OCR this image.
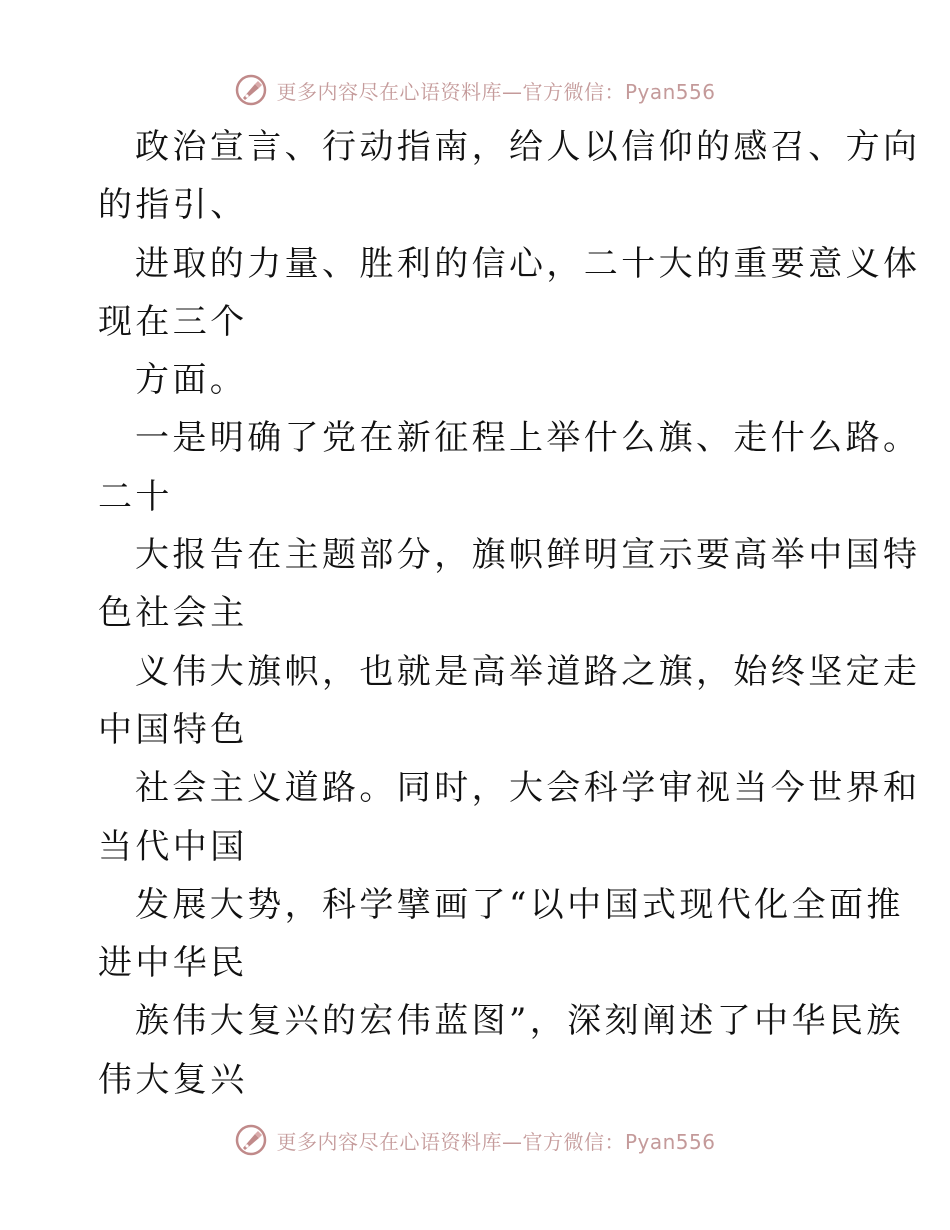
更多内容尽在心语资料库—官方微信：Pyan556
政治宣言、行动指南，给人以信仰的感召、方向
的指引、
进取的力量、胜利的信心，二十大的重要意义体
现在三个
方面。
一是明确了党在新征程上举什么旗、走什么路。
二十
大报告在主题部分，旗帜鲜明宣示要高举中国特
色社会主
义伟大旗帜，也就是高举道路之旗，始终坚定走
中国特色
社会主义道路。同时，大会科学审视当今世界和
当代中国
发展大势，科学擘画了“以中国式现代化全面推
进中华民
族伟大复兴的宏伟蓝图”，深刻阐述了中华民族
伟大复兴
更多内容尽在心语资料库—官方微信：Pyan556
